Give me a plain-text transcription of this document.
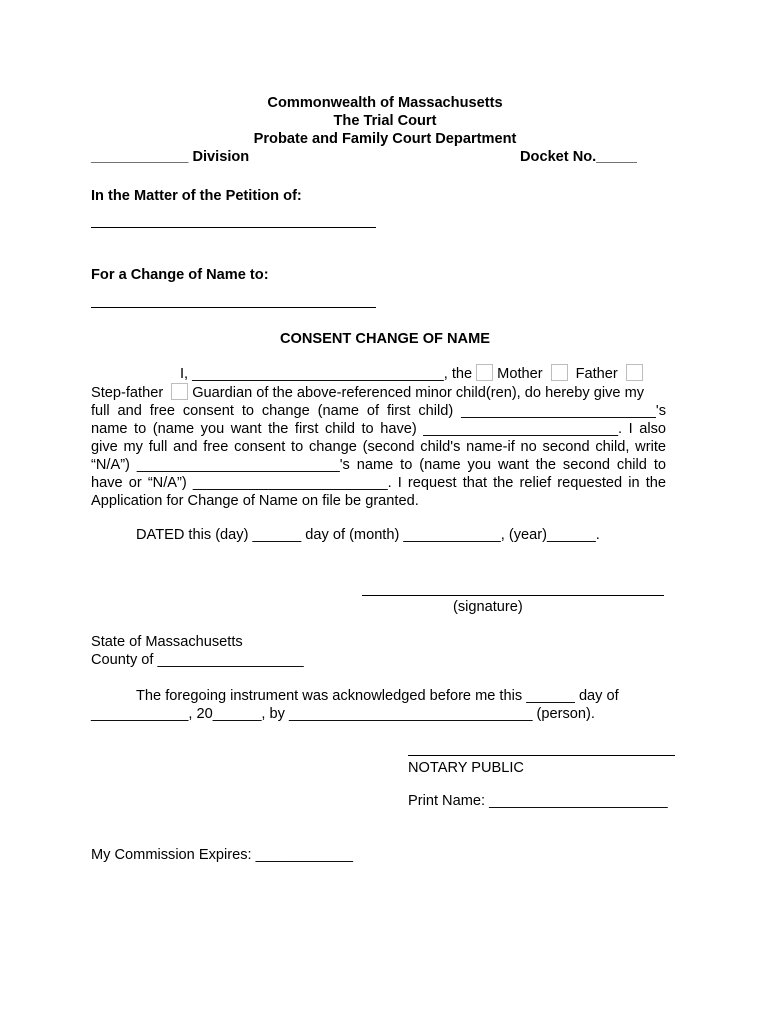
Commonwealth of Massachusetts
The Trial Court
Probate and Family Court Department
____________ Division	Docket No._____
In the Matter of the Petition of:
For a Change of Name to:
CONSENT CHANGE OF NAME
I, _______________________________, the Mother Father
Step-father Guardian of the above-referenced minor child(ren), do hereby give my
full and free consent to change (name of first child) ________________________'s
name to (name you want the first child to have) ________________________. I also
give my full and free consent to change (second child's name-if no second child, write
“N/A”) _________________________'s name to (name you want the second child to
have or “N/A”) ________________________. I request that the relief requested in the
Application for Change of Name on file be granted.
DATED this (day) ______ day of (month) ____________, (year)______.
(signature)
State of Massachusetts
County of __________________
The foregoing instrument was acknowledged before me this ______ day of
____________, 20______, by ______________________________ (person).
NOTARY PUBLIC
Print Name: ______________________
My Commission Expires: ____________
